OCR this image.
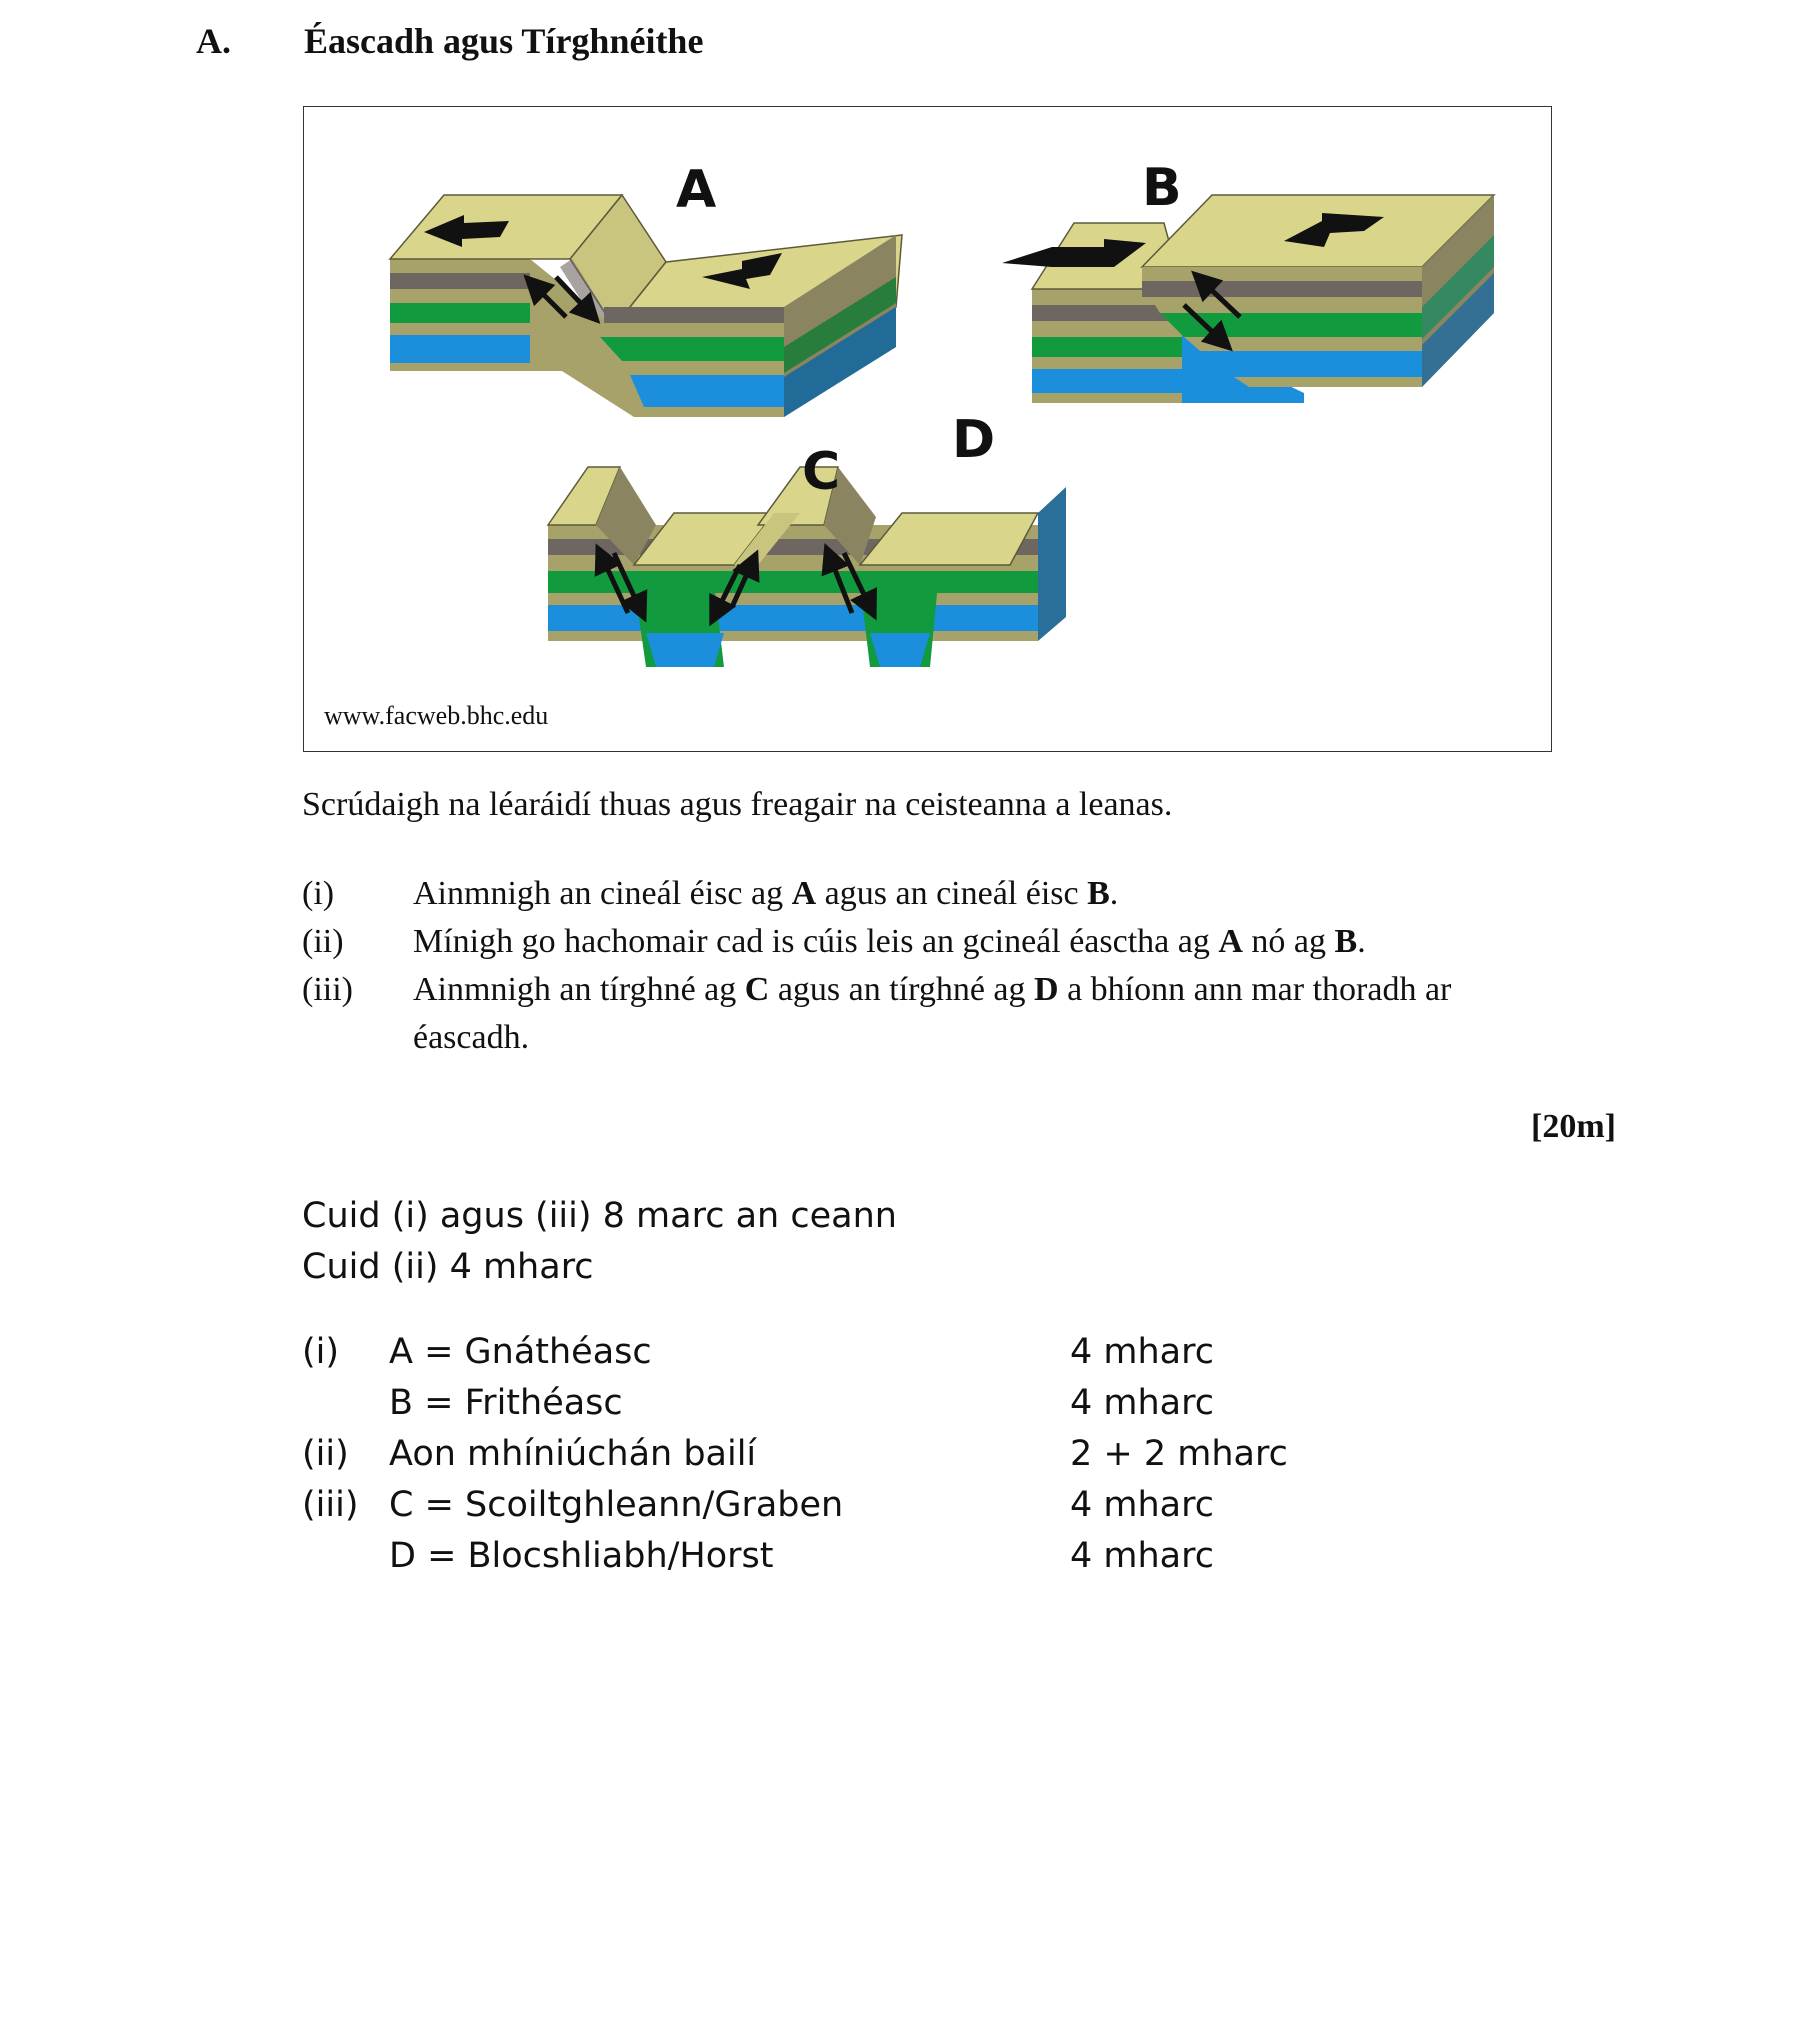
A. Éascadh agus Tírghnéithe
A	B
C
D
www.facweb.bhc.edu
Scrúdaigh na léaráidí thuas agus freagair na ceisteanna a leanas.
(i) Ainmnigh an cineál éisc ag A agus an cineál éisc B.
(ii) Mínigh go hachomair cad is cúis leis an gcineál éasctha ag A nó ag B.
(iii) Ainmnigh an tírghné ag C agus an tírghné ag D a bhíonn ann mar thoradh ar
éascadh.
[20m]
Cuid (i) agus (iii) 8 marc an ceann
Cuid (ii) 4 mharc
(i) A = Gnáthéasc	4 mharc
B = Frithéasc	4 mharc
(ii) Aon mhíniúchán bailí	2 + 2 mharc
(iii) C = Scoiltghleann/Graben	4 mharc
D = Blocshliabh/Horst	4 mharc
